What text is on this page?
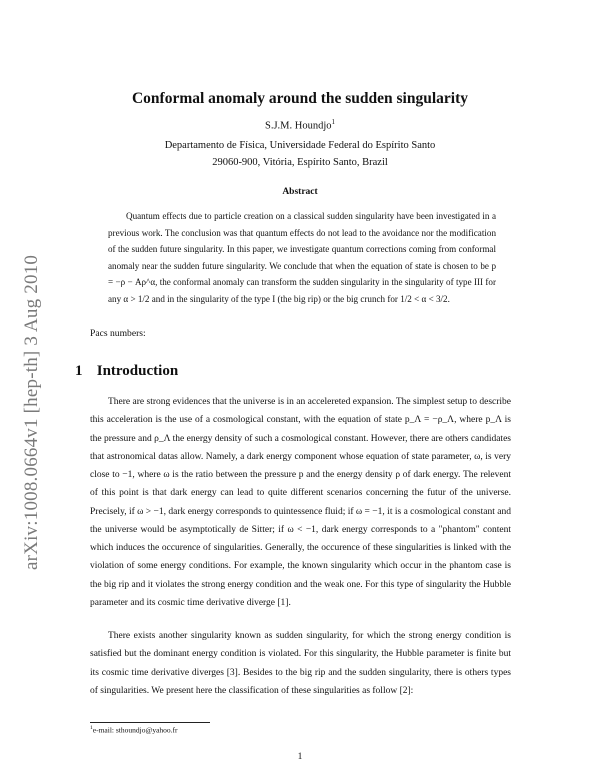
arXiv:1008.0664v1 [hep-th] 3 Aug 2010
Conformal anomaly around the sudden singularity
S.J.M. Houndjo$^1$
Departamento de Física, Universidade Federal do Espírito Santo
29060-900, Vitória, Espírito Santo, Brazil
Abstract

Quantum effects due to particle creation on a classical sudden singularity have been investigated in a previous work. The conclusion was that quantum effects do not lead to the avoidance nor the modification of the sudden future singularity. In this paper, we investigate quantum corrections coming from conformal anomaly near the sudden future singularity. We conclude that when the equation of state is chosen to be p = −ρ − Aρ^α, the conformal anomaly can transform the sudden singularity in the singularity of type III for any α > 1/2 and in the singularity of the type I (the big rip) or the big crunch for 1/2 < α < 3/2.

Pacs numbers:
1 Introduction

There are strong evidences that the universe is in an accelereted expansion. The simplest setup to describe this acceleration is the use of a cosmological constant, with the equation of state p_Λ = −ρ_Λ, where p_Λ is the pressure and ρ_Λ the energy density of such a cosmological constant. However, there are others candidates that astronomical datas allow. Namely, a dark energy component whose equation of state parameter, ω, is very close to −1, where ω is the ratio between the pressure p and the energy density ρ of dark energy. The relevent of this point is that dark energy can lead to quite different scenarios concerning the futur of the universe. Precisely, if ω > −1, dark energy corresponds to quintessence fluid; if ω = −1, it is a cosmological constant and the universe would be asymptotically de Sitter; if ω < −1, dark energy corresponds to a "phantom" content which induces the occurence of singularities. Generally, the occurence of these singularities is linked with the violation of some energy conditions. For example, the known singularity which occur in the phantom case is the big rip and it violates the strong energy condition and the weak one. For this type of singularity the Hubble parameter and its cosmic time derivative diverge [1].

There exists another singularity known as sudden singularity, for which the strong energy condition is satisfied but the dominant energy condition is violated. For this singularity, the Hubble parameter is finite but its cosmic time derivative diverges [3]. Besides to the big rip and the sudden singularity, there is others types of singularities. We present here the classification of these singularities as follow [2]:

$^1$e-mail: sthoundjo@yahoo.fr
1
